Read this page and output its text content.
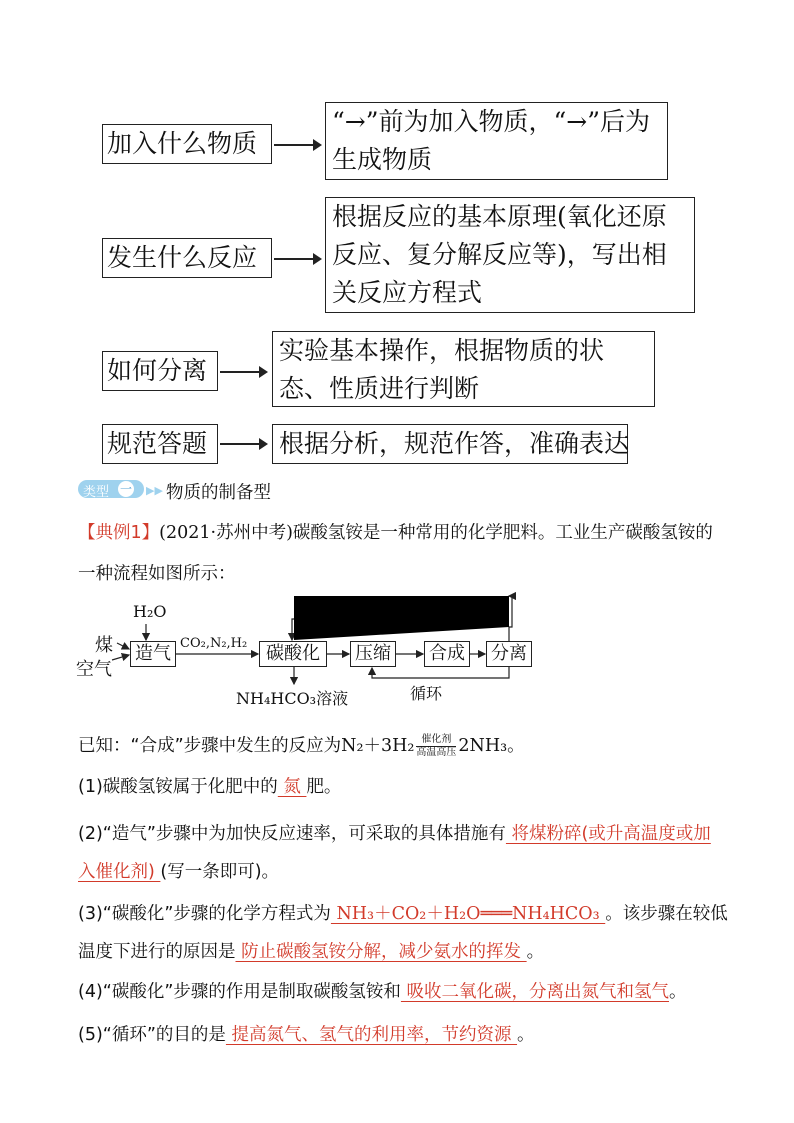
加入什么物质
“→”前为加入物质，“→”后为生成物质
发生什么反应
根据反应的基本原理(氧化还原反应、复分解反应等)，写出相关反应方程式
如何分离
实验基本操作，根据物质的状态、性质进行判断
规范答题	根据分析，规范作答，准确表达
类型 一 ▶▶ 物质的制备型
【典例1】(2021·苏州中考)碳酸氢铵是一种常用的化学肥料。工业生产碳酸氢铵的一种流程如图所示：
H₂O
煤
空气
造气 CO₂,N₂,H₂	碳酸化
NH₄HCO₃溶液
压缩 合成 分离
循环
已知：“合成”步骤中发生的反应为N₂＋3H₂ 催化剂
高温高压 2NH₃。
(1)碳酸氢铵属于化肥中的 氮 肥。
(2)“造气”步骤中为加快反应速率，可采取的具体措施有 将煤粉碎(或升高温度或加入催化剂) (写一条即可)。
(3)“碳酸化”步骤的化学方程式为 NH₃＋CO₂＋H₂O═══NH₄HCO₃ 。该步骤在较低温度下进行的原因是 防止碳酸氢铵分解，减少氨水的挥发 。
(4)“碳酸化”步骤的作用是制取碳酸氢铵和 吸收二氧化碳，分离出氮气和氢气。
(5)“循环”的目的是 提高氮气、氢气的利用率，节约资源 。
